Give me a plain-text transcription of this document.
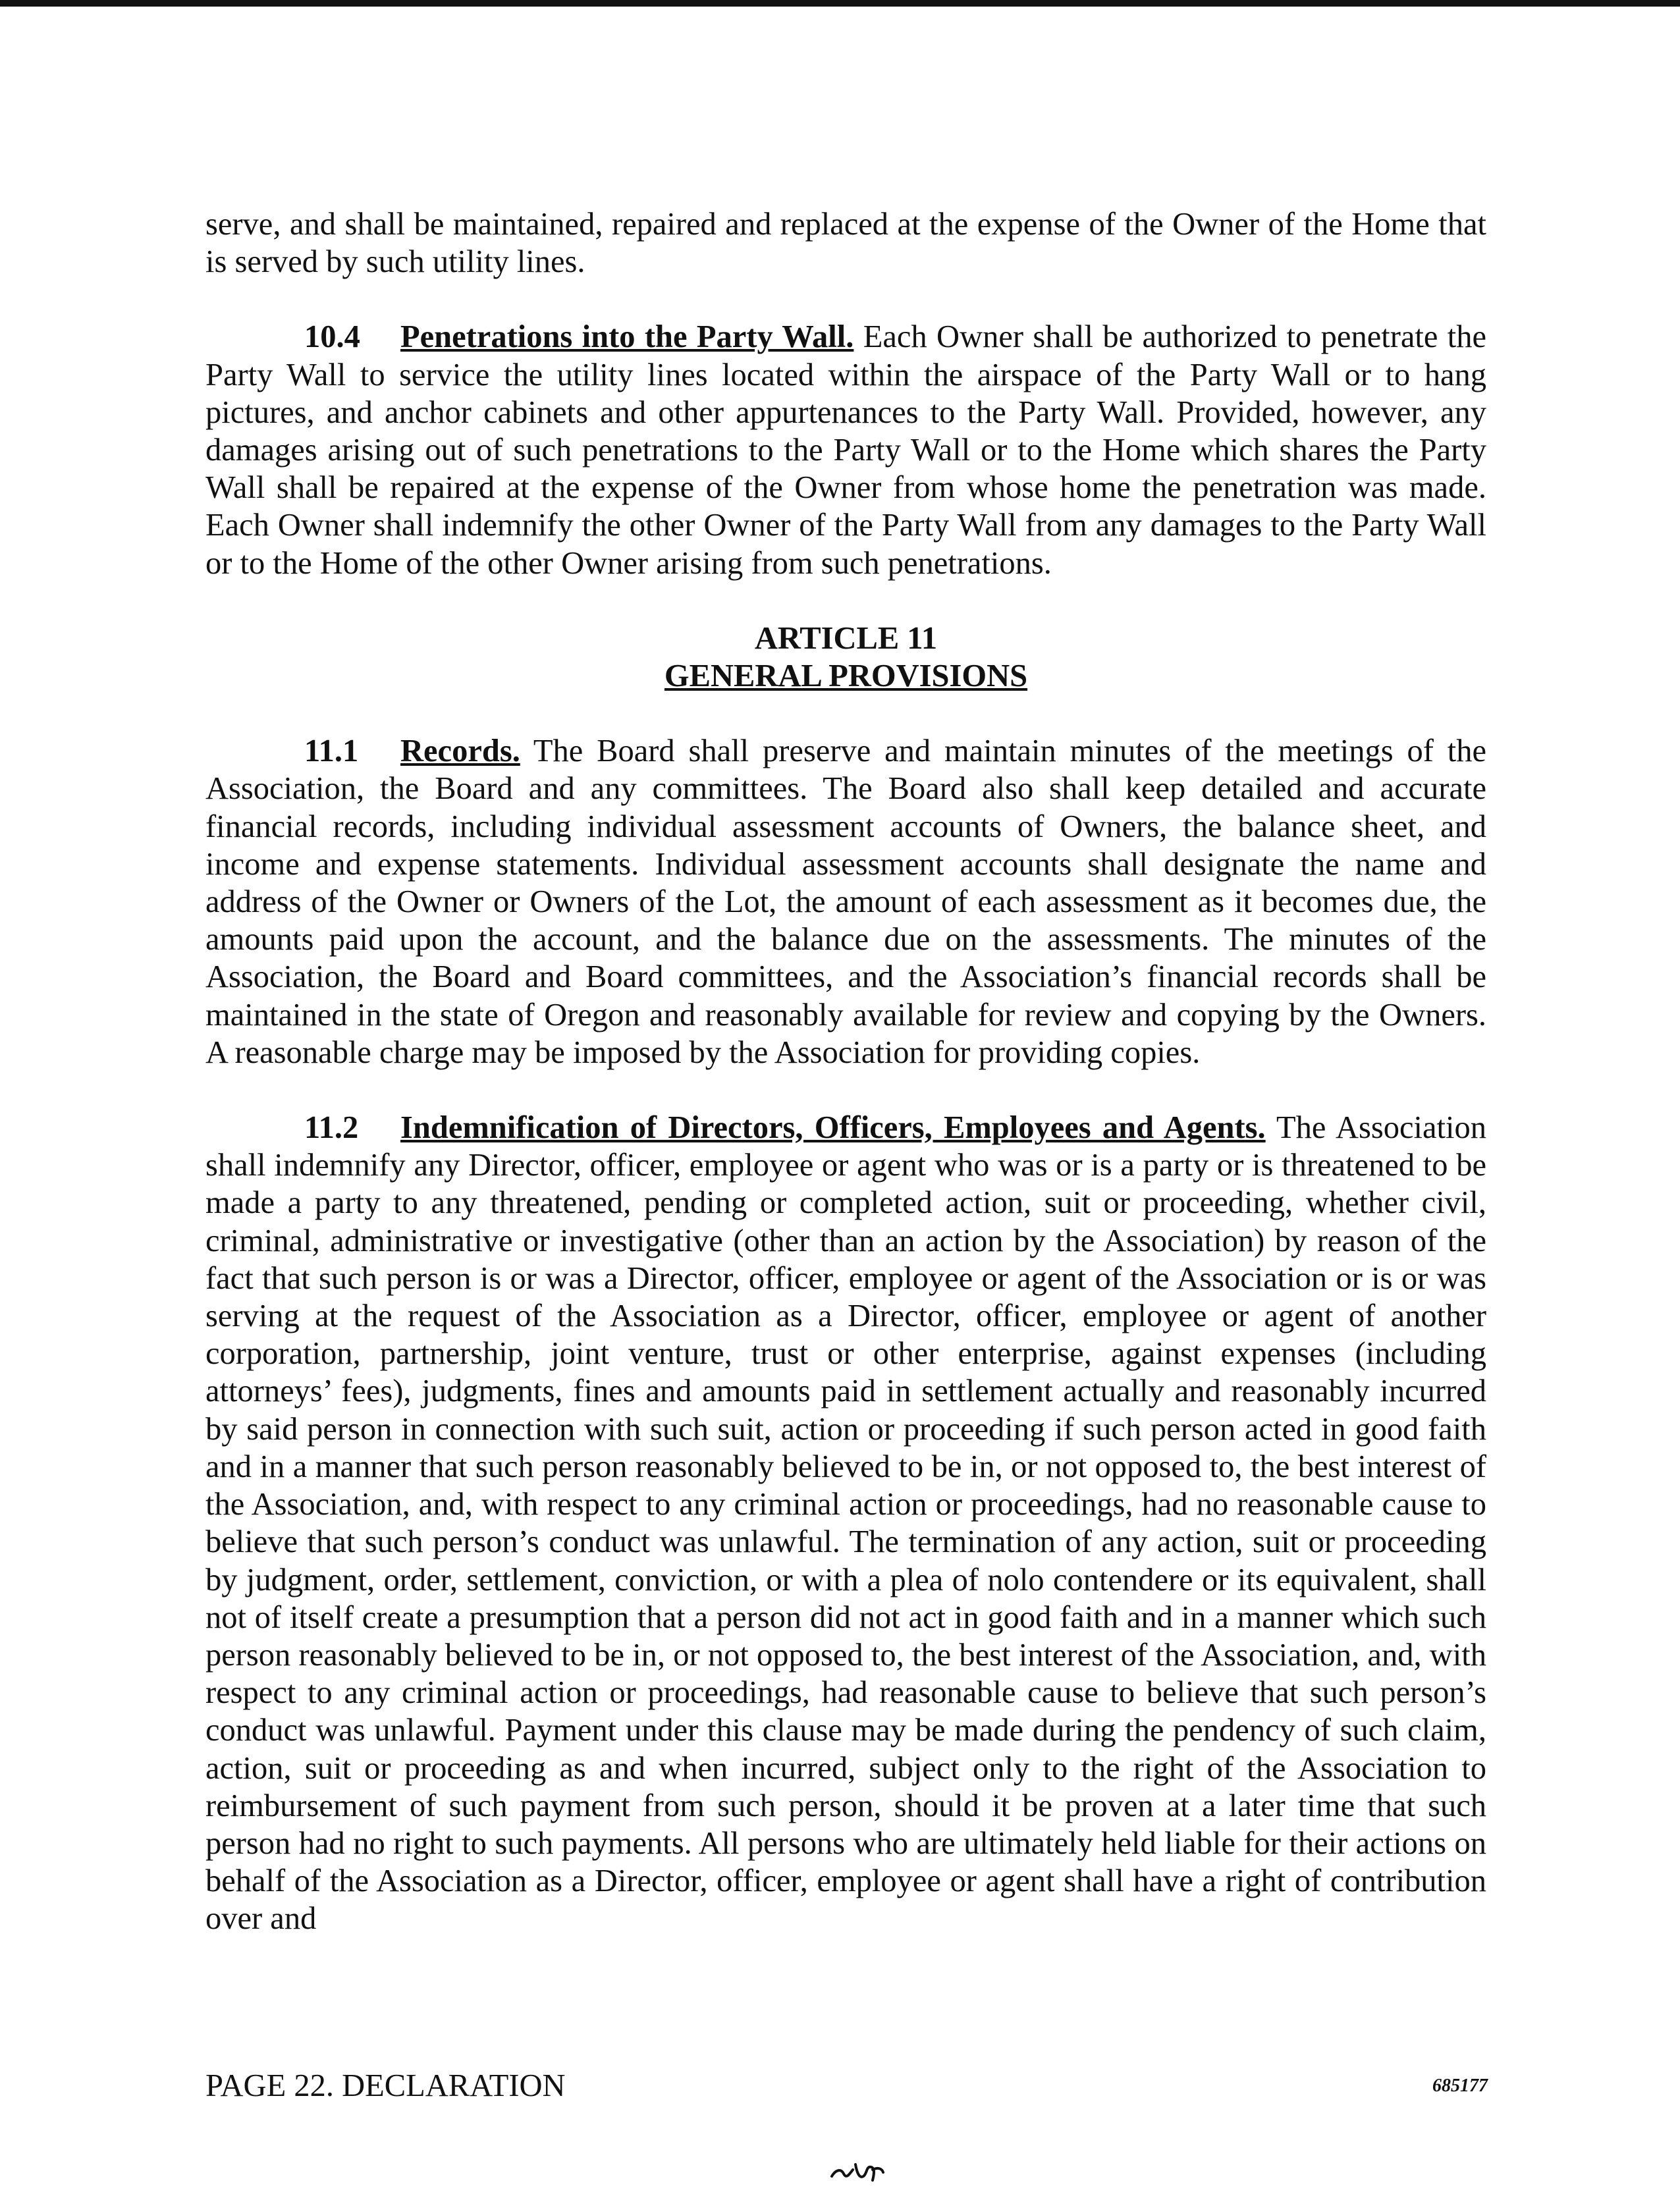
serve, and shall be maintained, repaired and replaced at the expense of the Owner of the Home that is served by such utility lines.

10.4 Penetrations into the Party Wall. Each Owner shall be authorized to penetrate the Party Wall to service the utility lines located within the airspace of the Party Wall or to hang pictures, and anchor cabinets and other appurtenances to the Party Wall. Provided, however, any damages arising out of such penetrations to the Party Wall or to the Home which shares the Party Wall shall be repaired at the expense of the Owner from whose home the penetration was made. Each Owner shall indemnify the other Owner of the Party Wall from any damages to the Party Wall or to the Home of the other Owner arising from such penetrations.

ARTICLE 11
GENERAL PROVISIONS

11.1 Records. The Board shall preserve and maintain minutes of the meetings of the Association, the Board and any committees. The Board also shall keep detailed and accurate financial records, including individual assessment accounts of Owners, the balance sheet, and income and expense statements. Individual assessment accounts shall designate the name and address of the Owner or Owners of the Lot, the amount of each assessment as it becomes due, the amounts paid upon the account, and the balance due on the assessments. The minutes of the Association, the Board and Board committees, and the Association’s financial records shall be maintained in the state of Oregon and reasonably available for review and copying by the Owners. A reasonable charge may be imposed by the Association for providing copies.

11.2 Indemnification of Directors, Officers, Employees and Agents. The Association shall indemnify any Director, officer, employee or agent who was or is a party or is threatened to be made a party to any threatened, pending or completed action, suit or proceeding, whether civil, criminal, administrative or investigative (other than an action by the Association) by reason of the fact that such person is or was a Director, officer, employee or agent of the Association or is or was serving at the request of the Association as a Director, officer, employee or agent of another corporation, partnership, joint venture, trust or other enterprise, against expenses (including attorneys’ fees), judgments, fines and amounts paid in settlement actually and reasonably incurred by said person in connection with such suit, action or proceeding if such person acted in good faith and in a manner that such person reasonably believed to be in, or not opposed to, the best interest of the Association, and, with respect to any criminal action or proceedings, had no reasonable cause to believe that such person’s conduct was unlawful. The termination of any action, suit or proceeding by judgment, order, settlement, conviction, or with a plea of nolo contendere or its equivalent, shall not of itself create a presumption that a person did not act in good faith and in a manner which such person reasonably believed to be in, or not opposed to, the best interest of the Association, and, with respect to any criminal action or proceedings, had reasonable cause to believe that such person’s conduct was unlawful. Payment under this clause may be made during the pendency of such claim, action, suit or proceeding as and when incurred, subject only to the right of the Association to reimbursement of such payment from such person, should it be proven at a later time that such person had no right to such payments. All persons who are ultimately held liable for their actions on behalf of the Association as a Director, officer, employee or agent shall have a right of contribution over and

PAGE 22. DECLARATION	685177
